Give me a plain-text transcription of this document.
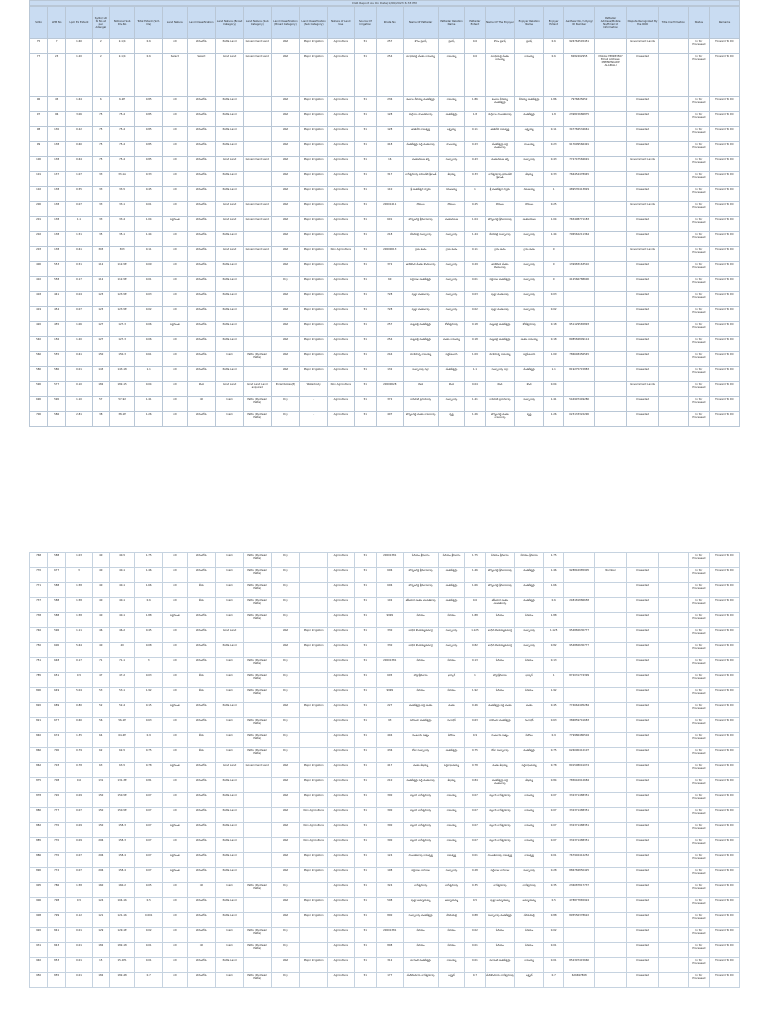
DLR Report As On Date(1/06/2023 6:33 PM
Sl.No	LPM No	Lpm Ex Extent	Sy.No/ LR Sl No at per Adangal	Notional Sub Div.No	Total Extent (Sch. Cls)	Land Nature	Land Classification	Land Nature (Broad Category)	Land Nature (Sub Category)	Land Classification (Broad Category)	Land Classification (Sub Category)	Nature of Land Use	Source Of Irrigation	Khata No	Name Of Pattadar	Pattadar Relation Name	Pattadar Extent	Name Of The Enjoyer	Enjoyer Relation Name	Enjoyer Extent	Aadhaar No./ Udyog/ ID Number	Pattadar Address/Mobile No/Email Id Information	Dispute Recognized By the ROR	Title Confirmation	Status	Remarks
75	7	1.60	2	2-1/4	0.6	ntl	పొరంబోకు	Patta Land	Government Land	Wet	Major Irrigation	Agriculture	51	257	కొసం ప్రకాష్	ప్రకాష్	0.6	కొసం ప్రకాష్	ప్రకాష్	0.6	926764545451		Government Lands		In for Processed	Forward To DC
77	23	1.20	2	2-1/4	0.6	Select	Select	Govt Land	Government Land	Wet	Major Irrigation	Agriculture	51	254	మాధవపెద్ది వేంకట రామయ్య	రామయ్య	0.6	మాధవపెద్ది వేంకట రామయ్య	రామయ్య	0.6	8282462955	Mobile:788983567 Email Address: MPMSPSKADP ALAPALLI	Unseeded		In for Processed	Forward To DC
96	45	1.64	6	6-2E	0.85	ntl	పొరంబోకు	Patta Land		Wet	Major Irrigation	Agriculture	51	236	కంబాల వీరయ్య వెంకటేశ్వర్లు	రామయ్య	1.86	కంబాల వీరయ్య వెంకటేశ్వర్లు	వీరయ్య వెంకటేశ్వర్లు	1.86	7976825652		Unseeded		In for Processed	Forward To DC
97	96	3.06	75	75-4	0.85	ntl	పొరంబోకు	Patta Land		Wet	Major Irrigation	Agriculture	51	128	దుగ్గిరాల సాంబశివరావు	వెంకటేశ్వర్లు	1.8	దుగ్గిరాల సాంబశివరావు	వెంకటేశ్వర్లు	1.8	239815686875		Unseeded		In for Processed	Forward To DC
98	130	0.22	75	75-4	0.85	ntl	పొరంబోకు	Patta Land		Wet	Major Irrigation	Agriculture	51	128	తాతినేని రామకృష్ణ	లక్ష్మయ్య	0.11	తాతినేని రామకృష్ణ	లక్ష్మయ్య	0.11	347784534661		Unseeded		In for Processed	Forward To DC
99	138	0.60	75	75-4	0.85	ntl	పొరంబోకు	Patta Land		Wet	Major Irrigation	Agriculture	51	418	వేంకటేశ్వర్లు పెద్ది వెంకటరావు	సాంబయ్య	0.23	వేంకటేశ్వర్లు పెద్ది వెంకటరావు	సాంబయ్య	0.23	917699566491		Unseeded		In for Processed	Forward To DC
100	138	0.64	75	75-4	0.85	ntl	పొరంబోకు	Govt Land	Government Land	Wet	Major Irrigation	Agriculture	51	16	వెంకటరమణ శర్మ	సుబ్బారావు	0.43	వెంకటరమణ శర్మ	సుబ్బారావు	0.43	772747584691		Government Lands		In for Processed	Forward To DC
101	137	1.07	33	33-1A	0.33	ntl	పొరంబోకు	Patta Land		Wet	Major Irrigation	Agriculture	51	317	నాగేశ్వరరావు పదిలవేటి శ్రీకాంత్	శేషయ్య	0.33	నాగేశ్వరరావు పదిలవేటి శ్రీకాంత్	శేషయ్య	0.33	766454478945		Unseeded		In for Processed	Forward To DC
102	138	0.55	33	33-5	0.45	ntl	పొరంబోకు	Patta Land		Wet	Major Irrigation	Agriculture	51	110	శ్రీ వెంకటేశ్వర స్వామి	రమణయ్య	1	శ్రీ వెంకటేశ్వర స్వామి	రమణయ్య	1	489535413829		Unseeded		In for Processed	Forward To DC
200	138	0.07	33	33-1	0.01	ntl	పొరంబోకు	Govt Land	Government Land	Wet	Major Irrigation	Agriculture	51	20001411	సోముల	సోముల	0.25	సోముల	సోముల	0.25			Government Lands		In for Processed	Forward To DC
201	138	1.1	33	33-4	1.04	పెద్దగుంత	పొరంబోకు	Govt Land	Government Land	Wet	Major Irrigation	Agriculture	51	601	జొన్నలగడ్డ శ్రీనివాసరావు	వెంకటరమణ	1.04	జొన్నలగడ్డ శ్రీనివాసరావు	వెంకటరమణ	1.04	765498771183		Unseeded		In for Processed	Forward To DC
202	138	1.51	35	35-1	1.44	ntl	పొరంబోకు	Patta Land		Wet	Major Irrigation	Agriculture	51	218	దేవరపల్లి సుబ్బారావు	సుబ్బారావు	1.44	దేవరపల్లి సుబ్బారావు	సుబ్బారావు	1.44	796562211364		Unseeded		In for Processed	Forward To DC
203	138	0.61	303	303	0.11	ntl	పొరంబోకు	Govt Land	Government Land	Wet	Major Irrigation	Non Agriculture	51	20000013	గ్రామ కంఠం	గ్రామ కంఠం	0.11	గ్రామ కంఠం	గ్రామ కంఠం	0			Government Lands		In for Processed	Forward To DC
400	553	0.51	112	112-5E	0.09	ntl	పొరంబోకు	Patta Land		Wet	Major Irrigation	Agriculture	51	372	తాడికొండ వేంకట కొండలరావు	సుబ్బారావు	0.29	తాడికొండ వేంకట కొండలరావు	సుబ్బారావు	0	139983163510		Unseeded		In for Processed	Forward To DC
410	558	0.17	112	112-5E	0.01	ntl	పొరంబోకు	Patta Land		Dry	Major Irrigation	Agriculture	51	60	పెద్దిరాజు వెంకటేశ్వర్లు	సుబ్బారావు	0.01	పెద్దిరాజు వెంకటేశ్వర్లు	సుబ్బారావు	0	412566788600		Unseeded		In for Processed	Forward To DC
418	441	0.04	123	123-5E	0.03	ntl	పొరంబోకు	Patta Land		Wet	Major Irrigation	Agriculture	51	728	పుట్టా వెంకటరావు	సుబ్బారావు	0.03	పుట్టా వెంకటరావు	సుబ్బారావు	0.03			Unseeded		In for Processed	Forward To DC
419	454	0.07	123	123-5E	0.02	ntl	పొరంబోకు	Patta Land		Wet	Major Irrigation	Agriculture	51	728	పుట్టా వెంకటరావు	సుబ్బారావు	0.02	పుట్టా వెంకటరావు	సుబ్బారావు	0.02			Unseeded		In for Processed	Forward To DC
420	455	1.06	127	127-3	0.06	పెద్దగుంత	పొరంబోకు	Patta Land		Wet	Major Irrigation	Agriculture	51	257	మట్టపల్లి వెంకటేశ్వర్లు	కోటేశ్వరరావు	0.18	మట్టపల్లి వెంకటేశ్వర్లు	కోటేశ్వరరావు	0.18	951129565893		Unseeded		In for Processed	Forward To DC
540	156	1.20	127	127-3	0.06	ntl	పొరంబోకు	Patta Land		Wet	Major Irrigation	Agriculture	51	254	మట్టపల్లి వెంకటేశ్వర్లు	వెంకట రామయ్య	0.18	మట్టపల్లి వెంకటేశ్వర్లు	వెంకట రామయ్య	0.18	898584809114		Unseeded		In for Processed	Forward To DC
560	555	0.61	150	150-3	0.61	ntl	పొరంబోకు	Inam	Pattu (Ryotwari Patta)	Wet	Major Irrigation	Agriculture	51	244	దూళిపాళ్ళ రామయ్య	పెద్దపేటవాసి	1.09	దూళిపాళ్ళ రామయ్య	పెద్దపేటవాసి	1.09	786648456545		Unseeded		In for Processed	Forward To DC
580	580	0.01	143	143-18	1.1	ntl	పొరంబోకు	Patta Land		Wet	Major Irrigation	Agriculture	51	132	సుబ్బారావు నర్రా	వేంకటేశ్వర్లు	1.1	సుబ్బారావు నర్రా	వేంకటేశ్వర్లు	1.1	819275715883		Unseeded		In for Processed	Forward To DC
590	577	0.10	182	182-15	0.04	ntl	కొండ	Govt Land	Govt Land Land acquired	Porambokes(P)	Waterbody	Non Agriculture	51	20000028	కొండ	కొండ	0.04	కొండ	కొండ	0.04			Government Lands		In for Processed	Forward To DC
690	590	1.10	57	57-92	1.41	ntl	ntl	Inam	Pattu (Ryotwari Patta)	Dry	-	Agriculture	51	372	రావిపాటి ప్రసాదరావు	సుబ్బారావు	1.41	రావిపాటి ప్రసాదరావు	సుబ్బారావు	1.41	544997449280		Unseeded		In for Processed	Forward To DC
700	586	2.81	38	38-1E	1.26	ntl	పొరంబోకు	Inam	Pattu (Ryotwari Patta)	Dry	-	Agriculture	51	407	జొన్నలగడ్డ వెంకట రామారావు	కృష్ణ	1.26	జొన్నలగడ్డ వెంకట రామారావు	కృష్ణ	1.26	023133322290		Unseeded		In for Processed	Forward To DC
768	588	1.03	40	40-5	1.75	ntl	పొరంబోకు	Inam	Pattu (Ryotwari Patta)	Dry		Agriculture	51	20001381	పేరియం శ్రీనివాసు	పేరియం శ్రీనివాసు	1.75	పేరియం శ్రీనివాసు	పేరియం శ్రీనివాసు	1.75					In for Processed	Forward To DC
770	677	3	40	40-1	1.46	ntl	పొరంబోకు	Inam	Pattu (Ryotwari Patta)	Dry		Agriculture	51	606	జొన్నలగడ్డ శ్రీనివాసరావు	వెంకటేశ్వర్లు	1.46	జొన్నలగడ్డ శ్రీనివాసరావు	వెంకటేశ్వర్లు	1.46	928816985905	Number	Unseeded		In for Processed	Forward To DC
771	588	1.58	40	40-1	1.66	ntl	బీడు	Inam	Pattu (Ryotwari Patta)	Dry		Agriculture	51	606	జొన్నలగడ్డ శ్రీనివాసరావు	వెంకటేశ్వర్లు	1.66	జొన్నలగడ్డ శ్రీనివాసరావు	వెంకటేశ్వర్లు	1.66			Unseeded		In for Processed	Forward To DC
737	588	1.58	40	40-1	0.6	ntl	బీడు	Inam	Pattu (Ryotwari Patta)	Dry		Agriculture	51	102	తోటకూర వెంకట చలపతిరావు	వెంకటేశ్వర్లు	0.6	తోటకూర వెంకట చలపతిరావు	వెంకటేశ్వర్లు	0.6	248181886658		Unseeded		In for Processed	Forward To DC
738	588	1.58	40	40-1	1.88	పెద్దగుంత	పొరంబోకు	Inam	Pattu (Ryotwari Patta)	Dry		Agriculture	51	9999	పేరియం	పేరియం	1.88	పేరియం	పేరియం	1.88			Unseeded		In for Processed	Forward To DC
746	596	1.11	46	46-2	0.45	ntl	పొరంబోకు	Govt Land		Wet	Major Irrigation	Agriculture	51	330	బాధిని కొండయ్యకుమార్తె	సుబ్బారావు	1.125	బాధిని కొండయ్యకుమార్తె	సుబ్బారావు	1.125	954882630777		Unseeded		In for Processed	Forward To DC
750	600	5.64	40	40	0.08	ntl	పొరంబోకు	Patta Land		Wet	Major Irrigation	Agriculture	51	330	బాధిని కొండయ్యకుమార్తె	సుబ్బారావు	0.82	బాధిని కొండయ్యకుమార్తె	సుబ్బారావు	0.82	954882630777		Unseeded		In for Processed	Forward To DC
751	648	0.17	71	71-1	3	ntl	పొరంబోకు	Inam	Pattu (Ryotwari Patta)	Dry		Agriculture	51	20001381	పేరియం	పేరియం	0.13	పేరియం	పేరియం	0.13			Unseeded		In for Processed	Forward To DC
785	651	0.5	47	47-2	0.03	ntl	బీడు	Inam	Pattu (Ryotwari Patta)	Dry		Agriculture	51	605	బొల్లాశ్రీనివాసు	భాస్కర్	1	బొల్లాశ్రీనివాసు	భాస్కర్	1	872031774399		Unseeded		In for Processed	Forward To DC
800	649	5.04	53	53-1	1.92	ntl	బీడు	Inam	Pattu (Ryotwari Patta)	Dry		Agriculture	51	9999	పేరియం	పేరియం	1.92	పేరియం	పేరియం	1.92			Unseeded		In for Processed	Forward To DC
820	689	0.80	52	52-4	0.15	పెద్దగుంత	పొరంబోకు	Patta Land		Wet	Major Irrigation	Agriculture	51	227	వెంకటేశ్వర్లు పెద్ది వెంకట	వెంకట	0.46	వెంకటేశ్వర్లు పెద్ది వెంకట	వెంకట	0.45	774664495284		Unseeded		In for Processed	Forward To DC
821	677	0.60	56	56-1E	0.63	ntl	పొరంబోకు	Inam	Pattu (Ryotwari Patta)	Dry		Agriculture	51	93	నరసింహ వెంకటేశ్వర్లు	గంగాధర్	0.63	నరసింహ వెంకటేశ్వర్లు	గంగాధర్	0.63	386859741683		Unseeded		In for Processed	Forward To DC
840	674	1.35	64	64-2E	0.9	ntl	బీడు	Inam	Pattu (Ryotwari Patta)	Dry		Agriculture	51	494	గుంటూరు సత్యం	ఏసోబు	0.9	గుంటూరు సత్యం	ఏసోబు	0.9	779986480504		Unseeded		In for Processed	Forward To DC
860	700	0.79	62	62-5	0.75	ntl	బీడు	Inam	Pattu (Ryotwari Patta)	Dry		Agriculture	51	436	కోలా సుబ్బారావు	వెంకటేశ్వర్లు	0.75	కోలా సుబ్బారావు	వెంకటేశ్వర్లు	0.75	626090412107		Unseeded		In for Processed	Forward To DC
862	703	0.78	63	63-5	0.78	పెద్దగుంత	పొరంబోకు	Govt Land	Government Land	Wet	Major Irrigation	Agriculture	51	417	వెంకట శేషయ్య	పెద్దరాఘవయ్య	0.78	వెంకట శేషయ్య	పెద్దరాఘవయ్య	0.78	801508041074		Unseeded		In for Processed	Forward To DC
875	708	0.6	131	131-3E	0.81	ntl	పొరంబోకు	Patta Land		Wet	Major Irrigation	Agriculture	51	210	వెంకటేశ్వర్లు పెద్ది వెంకటరావు	శేషయ్య	0.84	వెంకటేశ్వర్లు పెద్ది వెంకటరావు	శేషయ్య	0.84	785642912684		Unseeded		In for Processed	Forward To DC
878	720	0.09	150	150-5E	0.07	ntl	పొరంబోకు	Patta Land		Wet	Major Irrigation	Agriculture	51	300	వల్లూరి నాగేశ్వరరావు	రామయ్య	0.07	వల్లూరి నాగేశ్వరరావు	రామయ్య	0.07	332371488351		Unseeded		In for Processed	Forward To DC
880	777	0.07	150	150-5E	0.07	ntl	పొరంబోకు	Patta Land		Wet	Non Agriculture	Agriculture	51	300	వల్లూరి నాగేశ్వరరావు	రామయ్య	0.07	వల్లూరి నాగేశ్వరరావు	రామయ్య	0.07	332371488351		Unseeded		In for Processed	Forward To DC
882	770	0.09	150	158-3	0.07	పెద్దగుంత	పొరంబోకు	Patta Land		Wet	Non Agriculture	Agriculture	51	300	వల్లూరి నాగేశ్వరరావు	రామయ్య	0.07	వల్లూరి నాగేశ్వరరావు	రామయ్య	0.07	332371488351		Unseeded		In for Processed	Forward To DC
885	770	0.09	206	158-3	0.07	ntl	పొరంబోకు	Patta Land		Wet	Non Agriculture	Agriculture	51	300	వల్లూరి నాగేశ్వరరావు	రామయ్య	0.07	వల్లూరి నాగేశ్వరరావు	రామయ్య	0.07	332371488351		Unseeded		In for Processed	Forward To DC
886	770	0.07	206	158-4	0.07	పెద్దగుంత	పొరంబోకు	Patta Land		Wet	Major Irrigation	Agriculture	51	124	సాంబశివరావు రామకృష్ణ	రామకృష్ణ	0.01	సాంబశివరావు రామకృష్ణ	రామకృష్ణ	0.01	767902412252		Unseeded		In for Processed	Forward To DC
890	772	0.07	206	158-4	0.07	పెద్దగుంత	పొరంబోకు	Patta Land		Wet	Major Irrigation	Agriculture	51	198	పెద్దిరాజు నాగరాజు	సుబ్బారావు	0.28	పెద్దిరాజు నాగరాజు	సుబ్బారావు	0.28	886784850425		Unseeded		In for Processed	Forward To DC
905	786	1.58	160	160-2	0.05	ntl	ntl	Inam	Pattu (Ryotwari Patta)	Dry		Agriculture	51	324	నాగేశ్వరరావు	నాగేశ్వరరావు	0.35	నాగేశ్వరరావు	నాగేశ్వరరావు	0.35	236087817737		Unseeded		In for Processed	Forward To DC
906	798	0.5	124	104-16	0.5	ntl	పొరంబోకు	Patta Land		Wet	Major Irrigation	Agriculture	51	508	పుట్టా అమ్మాయమ్మ	అమ్మాయమ్మ	0.5	పుట్టా అమ్మాయమ్మ	అమ్మాయమ్మ	0.5	478877865924		Unseeded		In for Processed	Forward To DC
908	799	0.12	121	121-16	0.001	ntl	పొరంబోకు	Patta Land		Wet	Major Irrigation	Agriculture	51	800	సుబ్బారావు వెంకటేశ్వర్లు	నేరెడుమిల్లి	0.88	సుబ్బారావు వెంకటేశ్వర్లు	నేరెడుమిల్లి	0.88	895556378622		Unseeded		In for Processed	Forward To DC
920	841	0.01	129	129-1E	0.02	ntl	పొరంబోకు	Inam	Pattu (Ryotwari Patta)	Dry		Agriculture	51	20001381	పేరియం	పేరియం	0.02	పేరియం	పేరియం	0.02			Unseeded		In for Processed	Forward To DC
931	843	0.01	182	182-18	0.01	ntl	ntl	Inam	Pattu (Ryotwari Patta)	Dry		Agriculture	51	808	పేరియం	పేరియం	0.01	పేరియం	పేరియం	0.01			Unseeded		In for Processed	Forward To DC
940	853	0.01	15	15-1E1	0.01	ntl	పొరంబోకు	Patta Land		Wet	Major Irrigation	Agriculture	51	312	మాగంటి వెంకటేశ్వర్లు	రామయ్య	0.01	మాగంటి వెంకటేశ్వర్లు	రామయ్య	0.01	852397415660		Unseeded		In for Processed	Forward To DC
950	855	0.01	182	182-48	0.7	ntl	పొరంబోకు	Inam	Pattu (Ryotwari Patta)	Dry		Agriculture	51	177	మేడికొండూరు నాగేశ్వరరావు	లక్ష్మణ్	0.7	మేడికొండూరు నాగేశ్వరరావు	లక్ష్మణ్	0.7	626697868		Unseeded		In for Processed	Forward To DC
